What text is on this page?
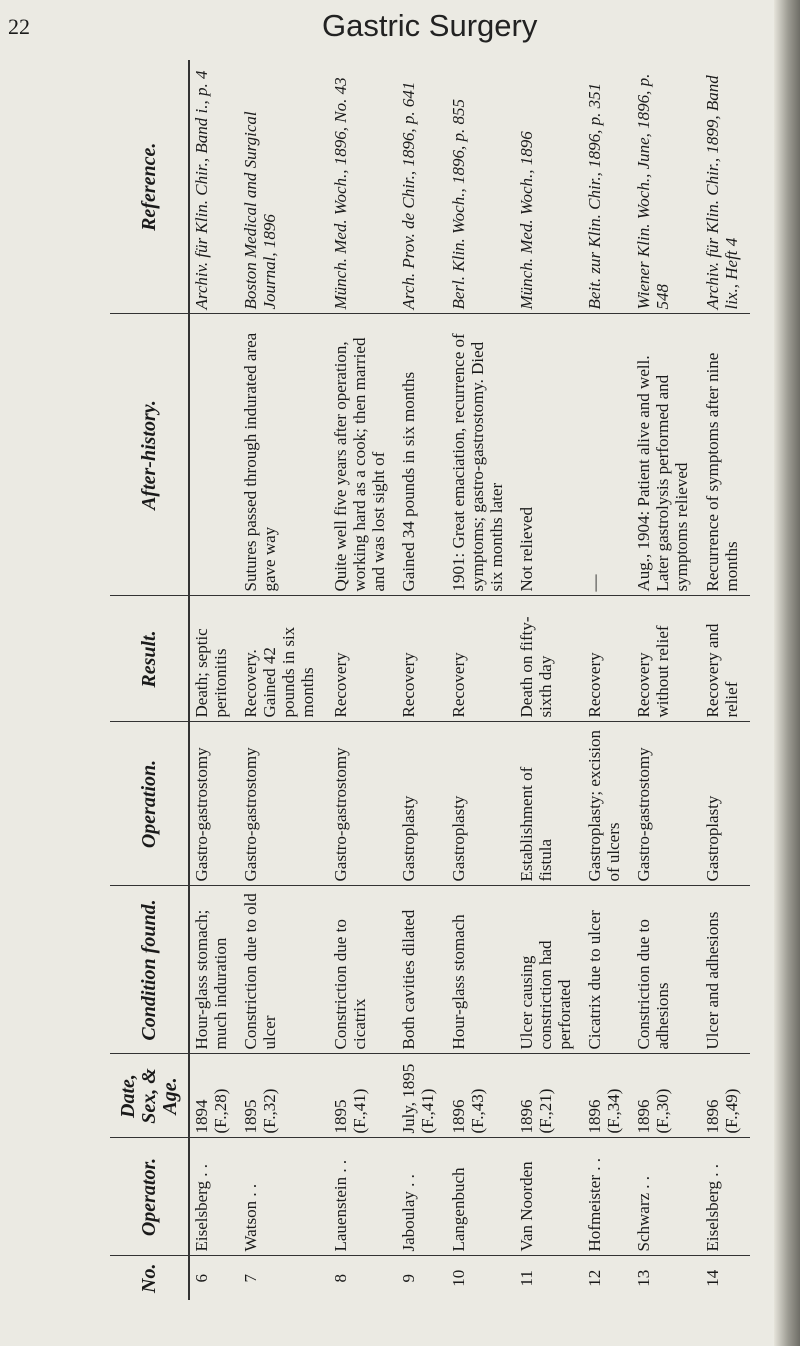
22	Gastric Surgery
No.	Operator.	Date, Sex, & Age.	Condition found.	Operation.	Result.	After-history.	Reference.
6	Eiselsberg . .	1894 (F.,28)	Hour-glass stomach; much induration	Gastro-gastrostomy	Death; septic peritonitis		Archiv. für Klin. Chir., Band i., p. 4
7	Watson . .	1895 (F.,32)	Constriction due to old ulcer	Gastro-gastrostomy	Recovery. Gained 42 pounds in six months	Sutures passed through indurated area gave way	Boston Medical and Surgical Journal, 1896
8	Lauenstein . .	1895 (F.,41)	Constriction due to cicatrix	Gastro-gastrostomy	Recovery	Quite well five years after operation, working hard as a cook; then married and was lost sight of	Münch. Med. Woch., 1896, No. 43
9	Jaboulay . .	July, 1895 (F.,41)	Both cavities dilated	Gastroplasty	Recovery	Gained 34 pounds in six months	Arch. Prov. de Chir., 1896, p. 641
10	Langenbuch	1896 (F.,43)	Hour-glass stomach	Gastroplasty	Recovery	1901: Great emaciation, recurrence of symptoms; gastro-gastrostomy. Died six months later	Berl. Klin. Woch., 1896, p. 855
11	Van Noorden	1896 (F.,21)	Ulcer causing constriction had perforated	Establishment of fistula	Death on fifty-sixth day	Not relieved	Münch. Med. Woch., 1896
12	Hofmeister . .	1896 (F.,34)	Cicatrix due to ulcer	Gastroplasty; excision of ulcers	Recovery	—	Beit. zur Klin. Chir., 1896, p. 351
13	Schwarz . .	1896 (F.,30)	Constriction due to adhesions	Gastro-gastrostomy	Recovery without relief	Aug., 1904: Patient alive and well. Later gastrolysis performed and symptoms relieved	Wiener Klin. Woch., June, 1896, p. 548
14	Eiselsberg . .	1896 (F.,49)	Ulcer and adhesions	Gastroplasty	Recovery and relief	Recurrence of symptoms after nine months	Archiv. für Klin. Chir., 1899, Band lix., Heft 4
